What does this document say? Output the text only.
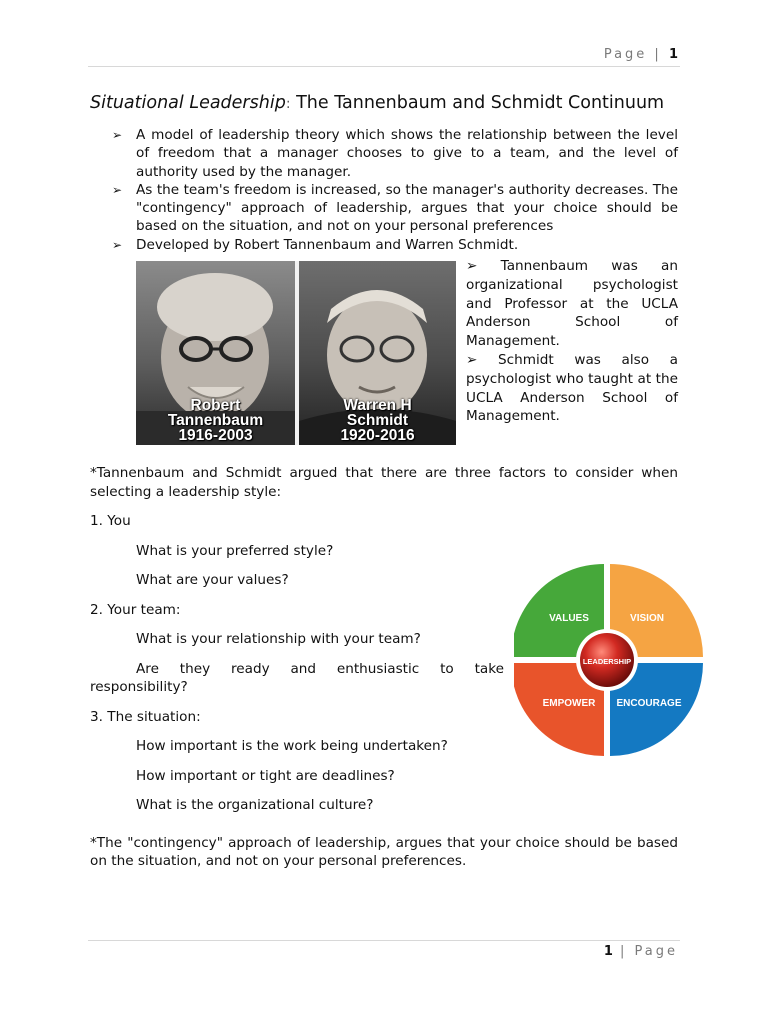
Page | 1
Situational Leadership: The Tannenbaum and Schmidt Continuum
➢ A model of leadership theory which shows the relationship between the level of freedom that a manager chooses to give to a team, and the level of authority used by the manager.
➢ As the team's freedom is increased, so the manager's authority decreases. The "contingency" approach of leadership, argues that your choice should be based on the situation, and not on your personal preferences
➢ Developed by Robert Tannenbaum and Warren Schmidt.
Robert
Tannenbaum
1916-2003
Warren H
Schmidt
1920-2016
➢ Tannenbaum was an organizational psychologist and Professor at the UCLA Anderson School of
Management.
➢ Schmidt was also a psychologist who taught at the UCLA Anderson School of
Management.

*Tannenbaum and Schmidt argued that there are three factors to consider when selecting a leadership style:

1. You

What is your preferred style?

What are your values?

2. Your team:

What is your relationship with your team?

Are they ready and enthusiastic to take responsibility?

3. The situation:

How important is the work being undertaken?

How important or tight are deadlines?

What is the organizational culture?

*The "contingency" approach of leadership, argues that your choice should be based on the situation, and not on your personal preferences.

LEADERSHIP
VALUES	VISION
EMPOWER ENCOURAGE
1 | Page
